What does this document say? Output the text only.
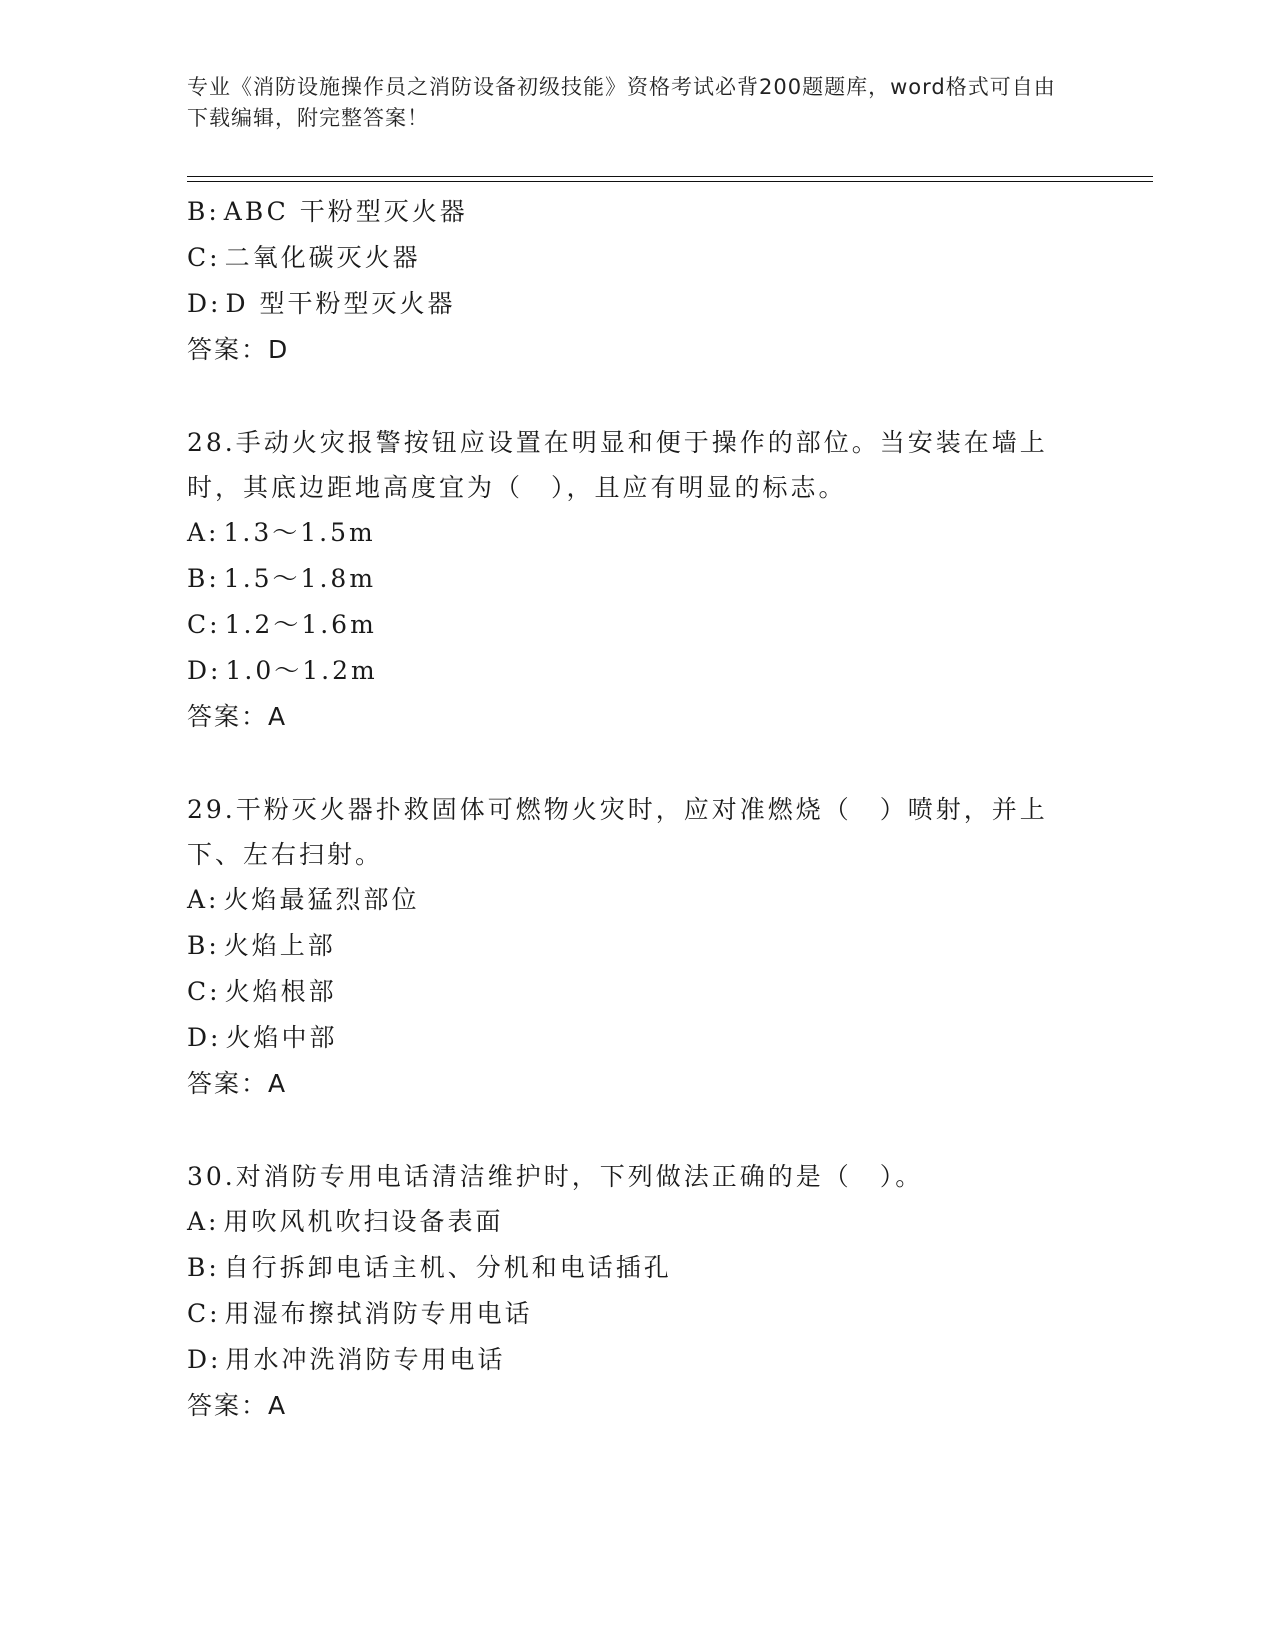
专业《消防设施操作员之消防设备初级技能》资格考试必背200题题库，word格式可自由下载编辑，附完整答案！
B: ABC 干粉型灭火器
C: 二氧化碳灭火器
D: D 型干粉型灭火器
答案：D
28.手动火灾报警按钮应设置在明显和便于操作的部位。当安装在墙上时，其底边距地高度宜为（　），且应有明显的标志。
A: 1.3～1.5m
B: 1.5～1.8m
C: 1.2～1.6m
D: 1.0～1.2m
答案：A
29.干粉灭火器扑救固体可燃物火灾时，应对准燃烧（　）喷射，并上下、左右扫射。
A: 火焰最猛烈部位
B: 火焰上部
C: 火焰根部
D: 火焰中部
答案：A
30.对消防专用电话清洁维护时，下列做法正确的是（　）。
A: 用吹风机吹扫设备表面
B: 自行拆卸电话主机、分机和电话插孔
C: 用湿布擦拭消防专用电话
D: 用水冲洗消防专用电话
答案：A
